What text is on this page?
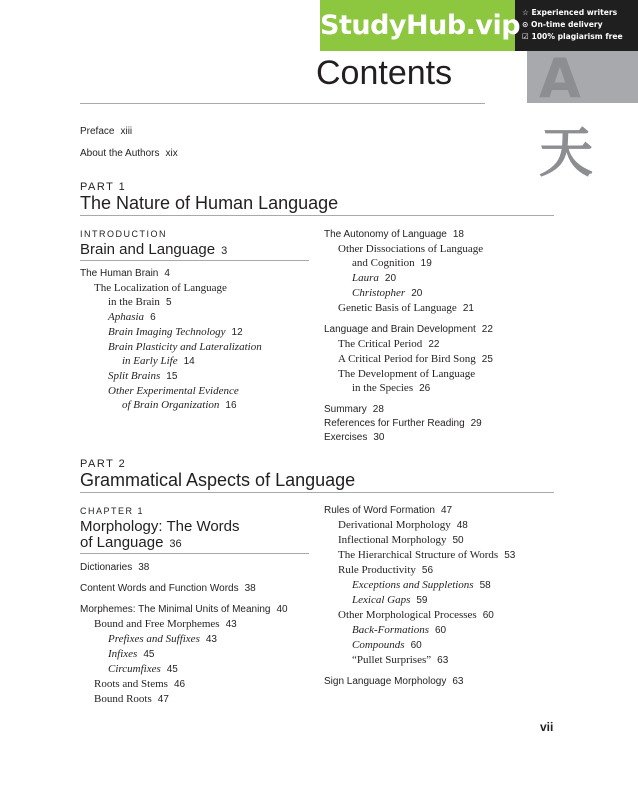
StudyHub.vip ☆ Experienced writers
⊙ On-time delivery
☑ 100% plagiarism free
A 天
Contents
Preface xiii
About the Authors xix
PART 1
The Nature of Human Language
INTRODUCTION
Brain and Language 3
The Human Brain 4
The Localization of Language
in the Brain 5
Aphasia 6
Brain Imaging Technology 12
Brain Plasticity and Lateralization
in Early Life 14
Split Brains 15
Other Experimental Evidence
of Brain Organization 16
The Autonomy of Language 18
Other Dissociations of Language
and Cognition 19
Laura 20
Christopher 20
Genetic Basis of Language 21
Language and Brain Development 22
The Critical Period 22
A Critical Period for Bird Song 25
The Development of Language
in the Species 26
Summary 28
References for Further Reading 29
Exercises 30
PART 2
Grammatical Aspects of Language
CHAPTER 1
Morphology: The Words
of Language 36
Dictionaries 38
Content Words and Function Words 38
Morphemes: The Minimal Units of Meaning 40
Bound and Free Morphemes 43
Prefixes and Suffixes 43
Infixes 45
Circumfixes 45
Roots and Stems 46
Bound Roots 47
Rules of Word Formation 47
Derivational Morphology 48
Inflectional Morphology 50
The Hierarchical Structure of Words 53
Rule Productivity 56
Exceptions and Suppletions 58
Lexical Gaps 59
Other Morphological Processes 60
Back-Formations 60
Compounds 60
“Pullet Surprises” 63
Sign Language Morphology 63
vii
